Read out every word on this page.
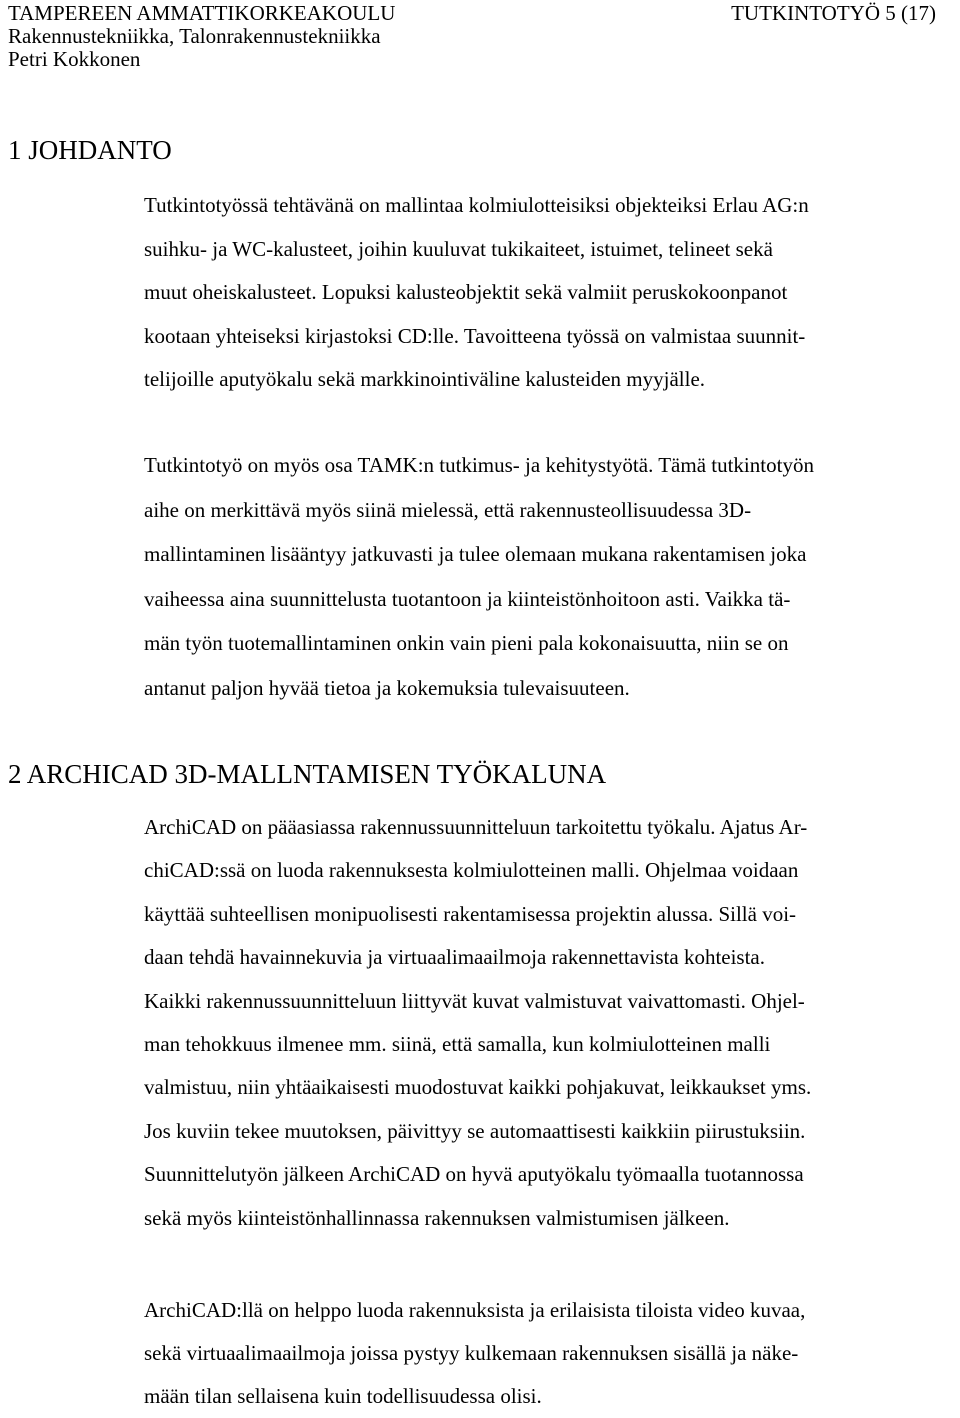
TAMPEREEN AMMATTIKORKEAKOULU	TUTKINTOTYÖ 5 (17)
Rakennustekniikka, Talonrakennustekniikka
Petri Kokkonen
1 JOHDANTO

Tutkintotyössä tehtävänä on mallintaa kolmiulotteisiksi objekteiksi Erlau AG:n
suihku- ja WC-kalusteet, joihin kuuluvat tukikaiteet, istuimet, telineet sekä
muut oheiskalusteet. Lopuksi kalusteobjektit sekä valmiit peruskokoonpanot
kootaan yhteiseksi kirjastoksi CD:lle. Tavoitteena työssä on valmistaa suunnit-
telijoille aputyökalu sekä markkinointiväline kalusteiden myyjälle.

Tutkintotyö on myös osa TAMK:n tutkimus- ja kehitystyötä. Tämä tutkintotyön
aihe on merkittävä myös siinä mielessä, että rakennusteollisuudessa 3D-
mallintaminen lisääntyy jatkuvasti ja tulee olemaan mukana rakentamisen joka
vaiheessa aina suunnittelusta tuotantoon ja kiinteistönhoitoon asti. Vaikka tä-
män työn tuotemallintaminen onkin vain pieni pala kokonaisuutta, niin se on
antanut paljon hyvää tietoa ja kokemuksia tulevaisuuteen.

2 ARCHICAD 3D-MALLNTAMISEN TYÖKALUNA

ArchiCAD on pääasiassa rakennussuunnitteluun tarkoitettu työkalu. Ajatus Ar-
chiCAD:ssä on luoda rakennuksesta kolmiulotteinen malli. Ohjelmaa voidaan
käyttää suhteellisen monipuolisesti rakentamisessa projektin alussa. Sillä voi-
daan tehdä havainnekuvia ja virtuaalimaailmoja rakennettavista kohteista.
Kaikki rakennussuunnitteluun liittyvät kuvat valmistuvat vaivattomasti. Ohjel-
man tehokkuus ilmenee mm. siinä, että samalla, kun kolmiulotteinen malli
valmistuu, niin yhtäaikaisesti muodostuvat kaikki pohjakuvat, leikkaukset yms.
Jos kuviin tekee muutoksen, päivittyy se automaattisesti kaikkiin piirustuksiin.
Suunnittelutyön jälkeen ArchiCAD on hyvä aputyökalu työmaalla tuotannossa
sekä myös kiinteistönhallinnassa rakennuksen valmistumisen jälkeen.

ArchiCAD:llä on helppo luoda rakennuksista ja erilaisista tiloista video kuvaa,
sekä virtuaalimaailmoja joissa pystyy kulkemaan rakennuksen sisällä ja näke-
mään tilan sellaisena kuin todellisuudessa olisi.
